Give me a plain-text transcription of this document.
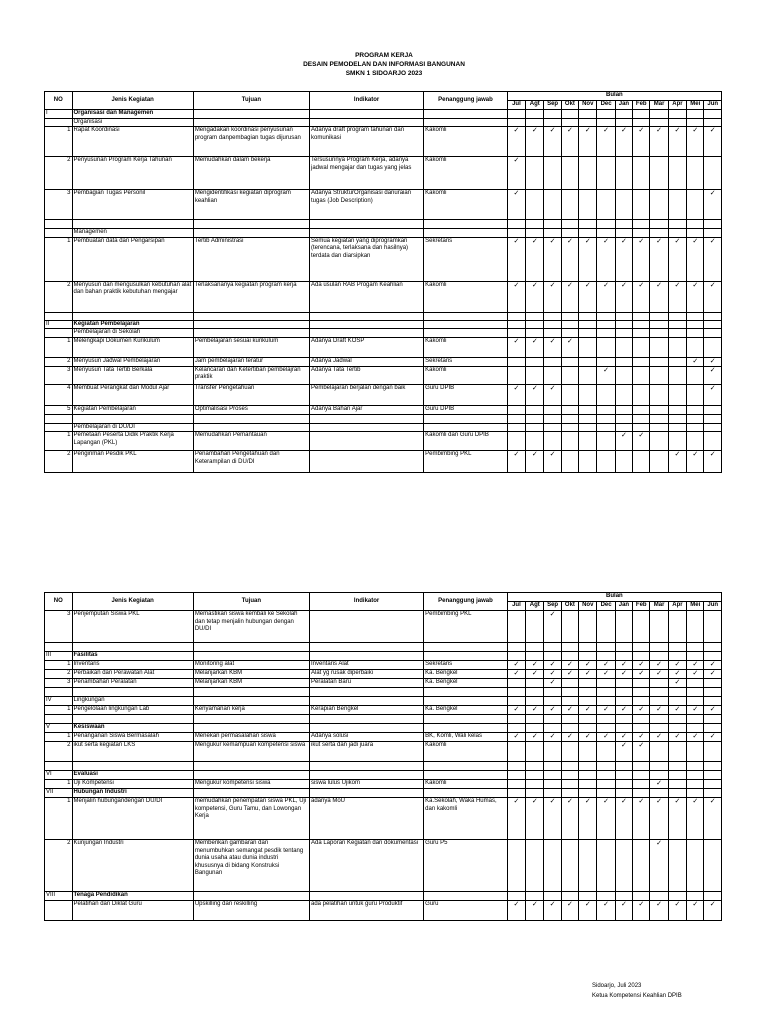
PROGRAM KERJA
DESAIN PEMODELAN DAN INFORMASI BANGUNAN
SMKN 1 SIDOARJO 2023
NO	Jenis Kegiatan	Tujuan	Indikator	Penanggung jawab	Bulan											
					Jul	Agt	Sep	Okt	Nov	Dec	Jan	Feb	Mar	Apr	Mei	Jun
I	Organisasi dan Managemen															
	Organisasi															
1	Rapat Koordinasi	Mengadakan koordinasi penyusunan program danpembagian tugas dijurusan	Adanya draft program tahunan dan komunikasi	Kakomli	✓	✓	✓	✓	✓	✓	✓	✓	✓	✓	✓	✓
2	Penyusunan Program Kerja Tahunan	Memudahkan dalam bekerja	Tersusunnya Program Kerja, adanya jadwal mengajar dan tugas yang jelas	Kakomli	✓											
3	Pembagian Tugas Personil	Mengidentifikasi kegiatan diprogram keahlian	Adanya StrukturOrganisasi danuraian tugas (Job Description)	Kakomli	✓											✓

	Managemen															
1	Pembuatan data dan Pengarsipan	Tertib Administrasi	Semua kegiatan yang diprogramkan (terencana, terlaksana dan hasilnya) terdata dan diarsipkan	Sekretaris	✓	✓	✓	✓	✓	✓	✓	✓	✓	✓	✓	✓
2	Menyusun dan mengusulkan kebutuhan alat dan bahan praktik kebutuhan mengajar	Terlaksananya kegiatan program kerja	Ada usulan RAB Progam Keahlian	Kakomli	✓	✓	✓	✓	✓	✓	✓	✓	✓	✓	✓	✓

II	Kegiatan Pembelajaran															
	Pembelajaran di Sekolah															
1	Melengkapi Dokumen Kurikulum	Pembelajaran sesuai kurikulum	Adanya Draft KOSP	Kakomli	✓	✓	✓	✓								
2	Menyusun Jadwal Pembelajaran	Jam pembelajaran teratur	Adanya Jadwal	Sekretaris											✓	✓
3	Menyusun Tata Tertib Berkala	Kelancaran dan Ketertiban pembelajran praktik	Adanya Tata Tertib	Kakomli						✓						✓
4	Membuat Perangkat dan Modul Ajar	Transfer Pengetahuan	Pembelajaran berjalan dengan baik	Guru DPIB	✓	✓	✓									✓
5	Kegiatan Pembelajaran	Optimalisasi Proses	Adanya Bahan Ajar	Guru DPIB												

	Pembelajaran di DU/DI															
1	Pemetaan Peserta Didik Praktik Kerja Lapangan (PKL)	Memudahkan Pemantauan		Kakomli dan Guru DPIB							✓	✓				
2	Pengiriman Pesdik PKL	Penambahan Pengetahuan dan Keterampilan di DU/DI		Pembimbing PKL	✓	✓	✓							✓	✓	✓
NO	Jenis Kegiatan	Tujuan	Indikator	Penanggung jawab	Bulan											
					Jul	Agt	Sep	Okt	Nov	Dec	Jan	Feb	Mar	Apr	Mei	Jun
3	Penjemputan Siswa PKL	Memastikan siswa kembali ke Sekolah dan tetap menjalin hubungan dengan DU/DI		Pembimbing PKL			✓									

III	Fasilitas															
1	Inventaris	Monitoring alat	Inventaris Alat	Sekretaris	✓	✓	✓	✓	✓	✓	✓	✓	✓	✓	✓	✓
2	Perbaikan dan Perawatan Alat	Melanjarkan KBM	Alat yg rusak diperbaiki	Ka. Bengkel	✓	✓	✓	✓	✓	✓	✓	✓	✓	✓	✓	✓
3	Penambahan Peralatan	Melanjarkan KBM	Peralatan Baru	Ka. Bengkel			✓							✓		

IV	Lingkungan															
1	Pengelolaan lingkungan Lab	Kenyamanan kerja	Kerapian Bengkel	Ka. Bengkel	✓	✓	✓	✓	✓	✓	✓	✓	✓	✓	✓	✓

V	Kesiswaan															
1	Penanganan Siswa Bermasalah	Menekan permasalahan siswa	Adanya solusi	BK, Komli, Wali kelas	✓	✓	✓	✓	✓	✓	✓	✓	✓	✓	✓	✓
2	ikut serta kegiatan LKS	Mengukur kemampuan kompetensi siswa	ikut serta dan jadi juara	Kakomli							✓	✓				

VI	Evaluasi															
1	Uji Kompetensi	Mengukur kompetensi siswa	siswa lulus Ujikom	Kakomli									✓			
VII	Hubungan Industri															
1	Menjalin hubungandengan DU/DI	memudahkan penempatan siswa PKL, Uji kompetensi, Guru Tamu, dan Lowongan Kerja	adanya MoU	Ka.Sekolah, Waka Humas, dan kakomli	✓	✓	✓	✓	✓	✓	✓	✓	✓	✓	✓	✓
2	Kunjungan Industri	Memberikan gambaran dan menumbuhkan semangat pesdik tentang dunia usaha atau dunia industri khususnya di bidang Konstruksi Bangunan	Ada Laporan Kegiatan dan dokumentasi	Guru P5									✓			
VIII	Tenaga Pendidikan															
	Pelatihan dan Diklat Guru	Upskilling dan reskilling	ada pelatihan untuk guru Produktif	Guru	✓	✓	✓	✓	✓	✓	✓	✓	✓	✓	✓	✓
Sidoarjo, Juli 2023
Ketua Kompetensi Keahlian DPIB
